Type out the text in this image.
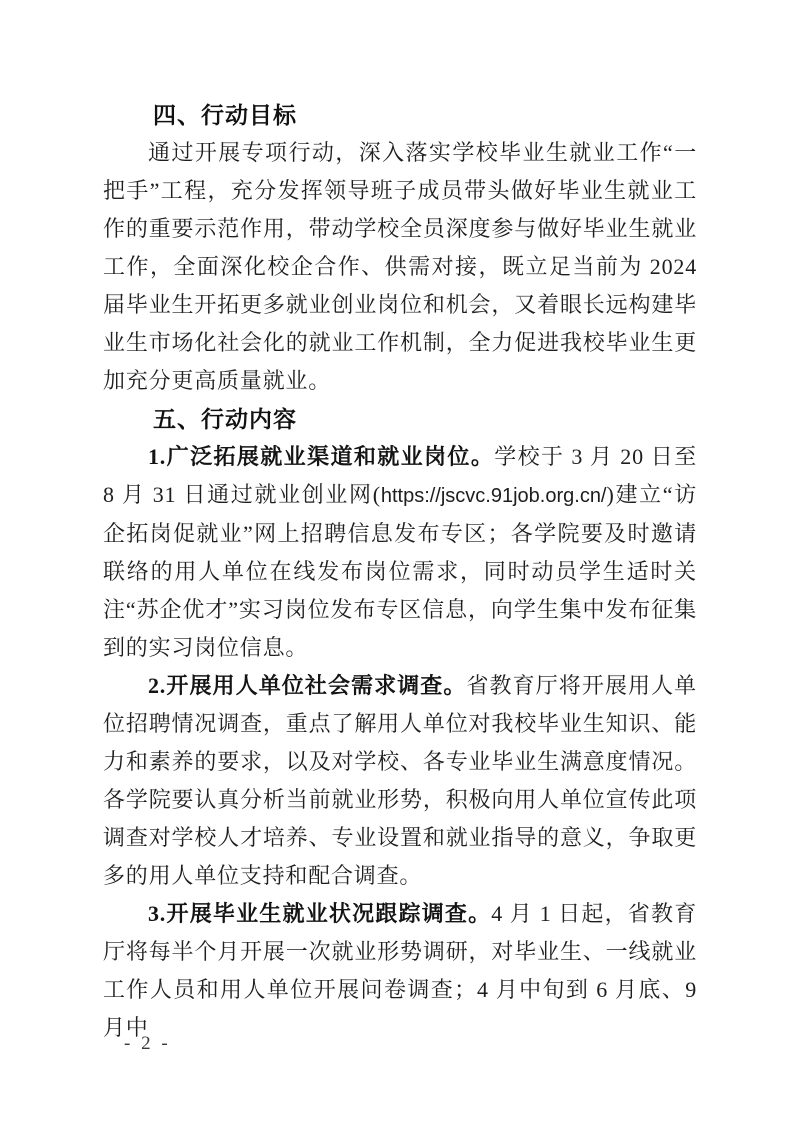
四、行动目标

通过开展专项行动，深入落实学校毕业生就业工作“一把手”工程，充分发挥领导班子成员带头做好毕业生就业工作的重要示范作用，带动学校全员深度参与做好毕业生就业工作，全面深化校企合作、供需对接，既立足当前为 2024 届毕业生开拓更多就业创业岗位和机会，又着眼长远构建毕业生市场化社会化的就业工作机制，全力促进我校毕业生更加充分更高质量就业。

五、行动内容

1.广泛拓展就业渠道和就业岗位。学校于 3 月 20 日至 8 月 31 日通过就业创业网(https://jscvc.91job.org.cn/)建立“访企拓岗促就业”网上招聘信息发布专区；各学院要及时邀请联络的用人单位在线发布岗位需求，同时动员学生适时关注“苏企优才”实习岗位发布专区信息，向学生集中发布征集到的实习岗位信息。

2.开展用人单位社会需求调查。省教育厅将开展用人单位招聘情况调查，重点了解用人单位对我校毕业生知识、能力和素养的要求，以及对学校、各专业毕业生满意度情况。各学院要认真分析当前就业形势，积极向用人单位宣传此项调查对学校人才培养、专业设置和就业指导的意义，争取更多的用人单位支持和配合调查。

3.开展毕业生就业状况跟踪调查。4 月 1 日起，省教育厅将每半个月开展一次就业形势调研，对毕业生、一线就业工作人员和用人单位开展问卷调查；4 月中旬到 6 月底、9 月中

- 2 -
